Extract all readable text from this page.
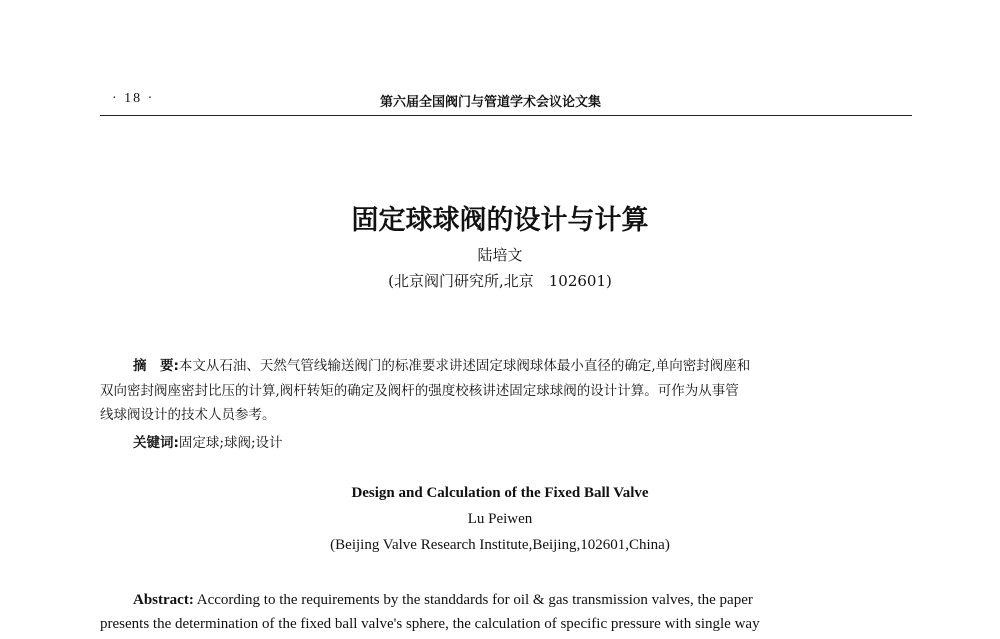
· 18 ·	第六届全国阀门与管道学术会议论文集
固定球球阀的设计与计算
陆培文
(北京阀门研究所,北京　102601)
摘　要:本文从石油、天然气管线输送阀门的标准要求讲述固定球阀球体最小直径的确定,单向密封阀座和
双向密封阀座密封比压的计算,阀杆转矩的确定及阀杆的强度校核讲述固定球球阀的设计计算。可作为从事管
线球阀设计的技术人员参考。
关键词:固定球;球阀;设计
Design and Calculation of the Fixed Ball Valve
Lu Peiwen
(Beijing Valve Research Institute,Beijing,102601,China)
Abstract: According to the requirements by the standdards for oil & gas transmission valves, the paper
presents the determination of the fixed ball valve's sphere, the calculation of specific pressure with single way
